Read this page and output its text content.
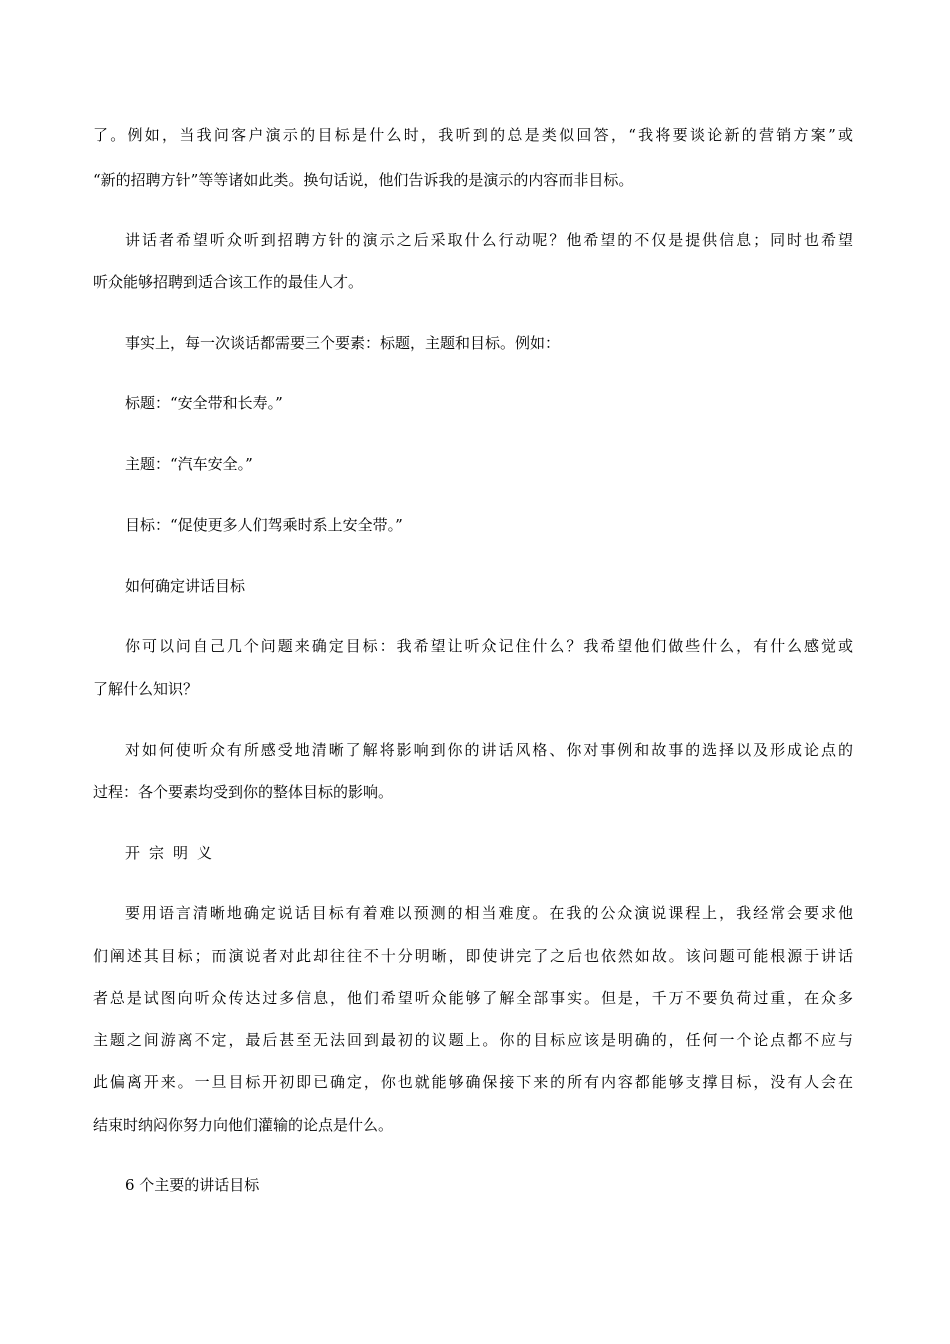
了。例如，当我问客户演示的目标是什么时，我听到的总是类似回答，“我将要谈论新的营销方案”或
“新的招聘方针”等等诸如此类。换句话说，他们告诉我的是演示的内容而非目标。
讲话者希望听众听到招聘方针的演示之后采取什么行动呢？他希望的不仅是提供信息；同时也希望
听众能够招聘到适合该工作的最佳人才。
事实上，每一次谈话都需要三个要素：标题，主题和目标。例如：
标题：“安全带和长寿。”
主题：“汽车安全。”
目标：“促使更多人们驾乘时系上安全带。”
如何确定讲话目标
你可以问自己几个问题来确定目标：我希望让听众记住什么？我希望他们做些什么，有什么感觉或
了解什么知识？
对如何使听众有所感受地清晰了解将影响到你的讲话风格、你对事例和故事的选择以及形成论点的
过程：各个要素均受到你的整体目标的影响。
开宗明义
要用语言清晰地确定说话目标有着难以预测的相当难度。在我的公众演说课程上，我经常会要求他
们阐述其目标；而演说者对此却往往不十分明晰，即使讲完了之后也依然如故。该问题可能根源于讲话
者总是试图向听众传达过多信息，他们希望听众能够了解全部事实。但是，千万不要负荷过重，在众多
主题之间游离不定，最后甚至无法回到最初的议题上。你的目标应该是明确的，任何一个论点都不应与
此偏离开来。一旦目标开初即已确定，你也就能够确保接下来的所有内容都能够支撑目标，没有人会在
结束时纳闷你努力向他们灌输的论点是什么。
6 个主要的讲话目标
